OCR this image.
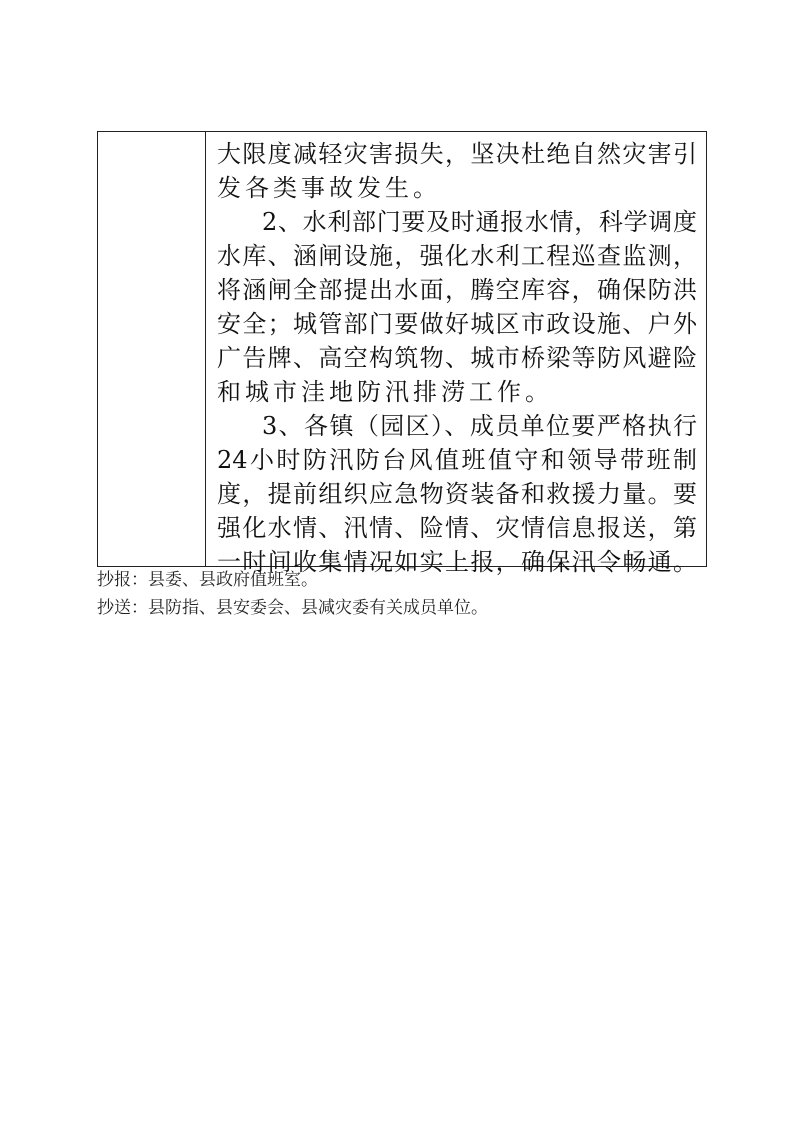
大限度减轻灾害损失，坚决杜绝自然灾害引
发各类事故发生。
2、水利部门要及时通报水情，科学调度
水库、涵闸设施，强化水利工程巡查监测，
将涵闸全部提出水面，腾空库容，确保防洪
安全；城管部门要做好城区市政设施、户外
广告牌、高空构筑物、城市桥梁等防风避险
和城市洼地防汛排涝工作。
3、各镇（园区）、成员单位要严格执行
24小时防汛防台风值班值守和领导带班制
度，提前组织应急物资装备和救援力量。要
强化水情、汛情、险情、灾情信息报送，第
一时间收集情况如实上报，确保汛令畅通。
抄报：县委、县政府值班室。
抄送：县防指、县安委会、县减灾委有关成员单位。
